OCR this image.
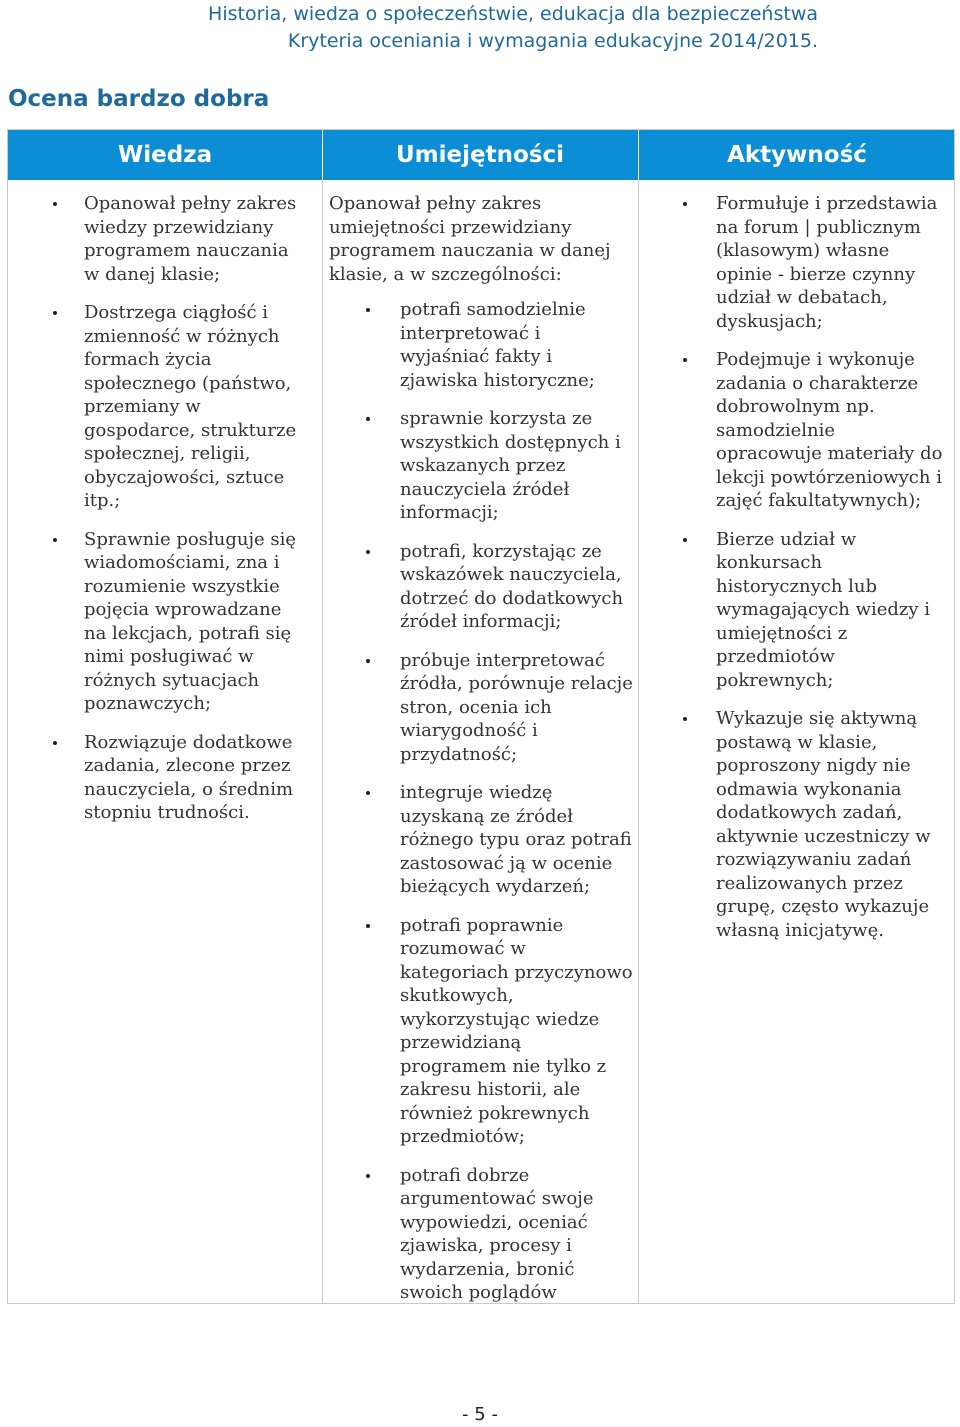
Historia, wiedza o społeczeństwie, edukacja dla bezpieczeństwa
Kryteria oceniania i wymagania edukacyjne 2014/2015.
Ocena bardzo dobra
Wiedza	Umiejętności	Aktywność
Opanował pełny zakres wiedzy przewidziany programem nauczania w danej klasie;
Dostrzega ciągłość i zmienność w różnych formach życia społecznego (państwo, przemiany w gospodarce, strukturze społecznej, religii, obyczajowości, sztuce itp.;
Sprawnie posługuje się wiadomościami, zna i rozumienie wszystkie pojęcia wprowadzane na lekcjach, potrafi się nimi posługiwać w różnych sytuacjach poznawczych;
Rozwiązuje dodatkowe zadania, zlecone przez nauczyciela, o średnim stopniu trudności.
Opanował pełny zakres umiejętności przewidziany programem nauczania w danej klasie, a w szczególności:
potrafi samodzielnie interpretować i wyjaśniać fakty i zjawiska historyczne;
sprawnie korzysta ze wszystkich dostępnych i wskazanych przez nauczyciela źródeł informacji;
potrafi, korzystając ze wskazówek nauczyciela, dotrzeć do dodatkowych źródeł informacji;
próbuje interpretować źródła, porównuje relacje stron, ocenia ich wiarygodność i przydatność;
integruje wiedzę uzyskaną ze źródeł różnego typu oraz potrafi zastosować ją w ocenie bieżących wydarzeń;
potrafi poprawnie rozumować w kategoriach przyczynowo skutkowych, wykorzystując wiedze przewidzianą programem nie tylko z zakresu historii, ale również pokrewnych przedmiotów;
potrafi dobrze argumentować swoje wypowiedzi, oceniać zjawiska, procesy i wydarzenia, bronić swoich poglądów
Formułuje i przedstawia na forum | publicznym (klasowym) własne opinie - bierze czynny udział w debatach, dyskusjach;
Podejmuje i wykonuje zadania o charakterze dobrowolnym np. samodzielnie opracowuje materiały do lekcji powtórzeniowych i zajęć fakultatywnych);
Bierze udział w konkursach historycznych lub wymagających wiedzy i umiejętności z przedmiotów pokrewnych;
Wykazuje się aktywną postawą w klasie, poproszony nigdy nie odmawia wykonania dodatkowych zadań, aktywnie uczestniczy w rozwiązywaniu zadań realizowanych przez grupę, często wykazuje własną inicjatywę.
- 5 -
